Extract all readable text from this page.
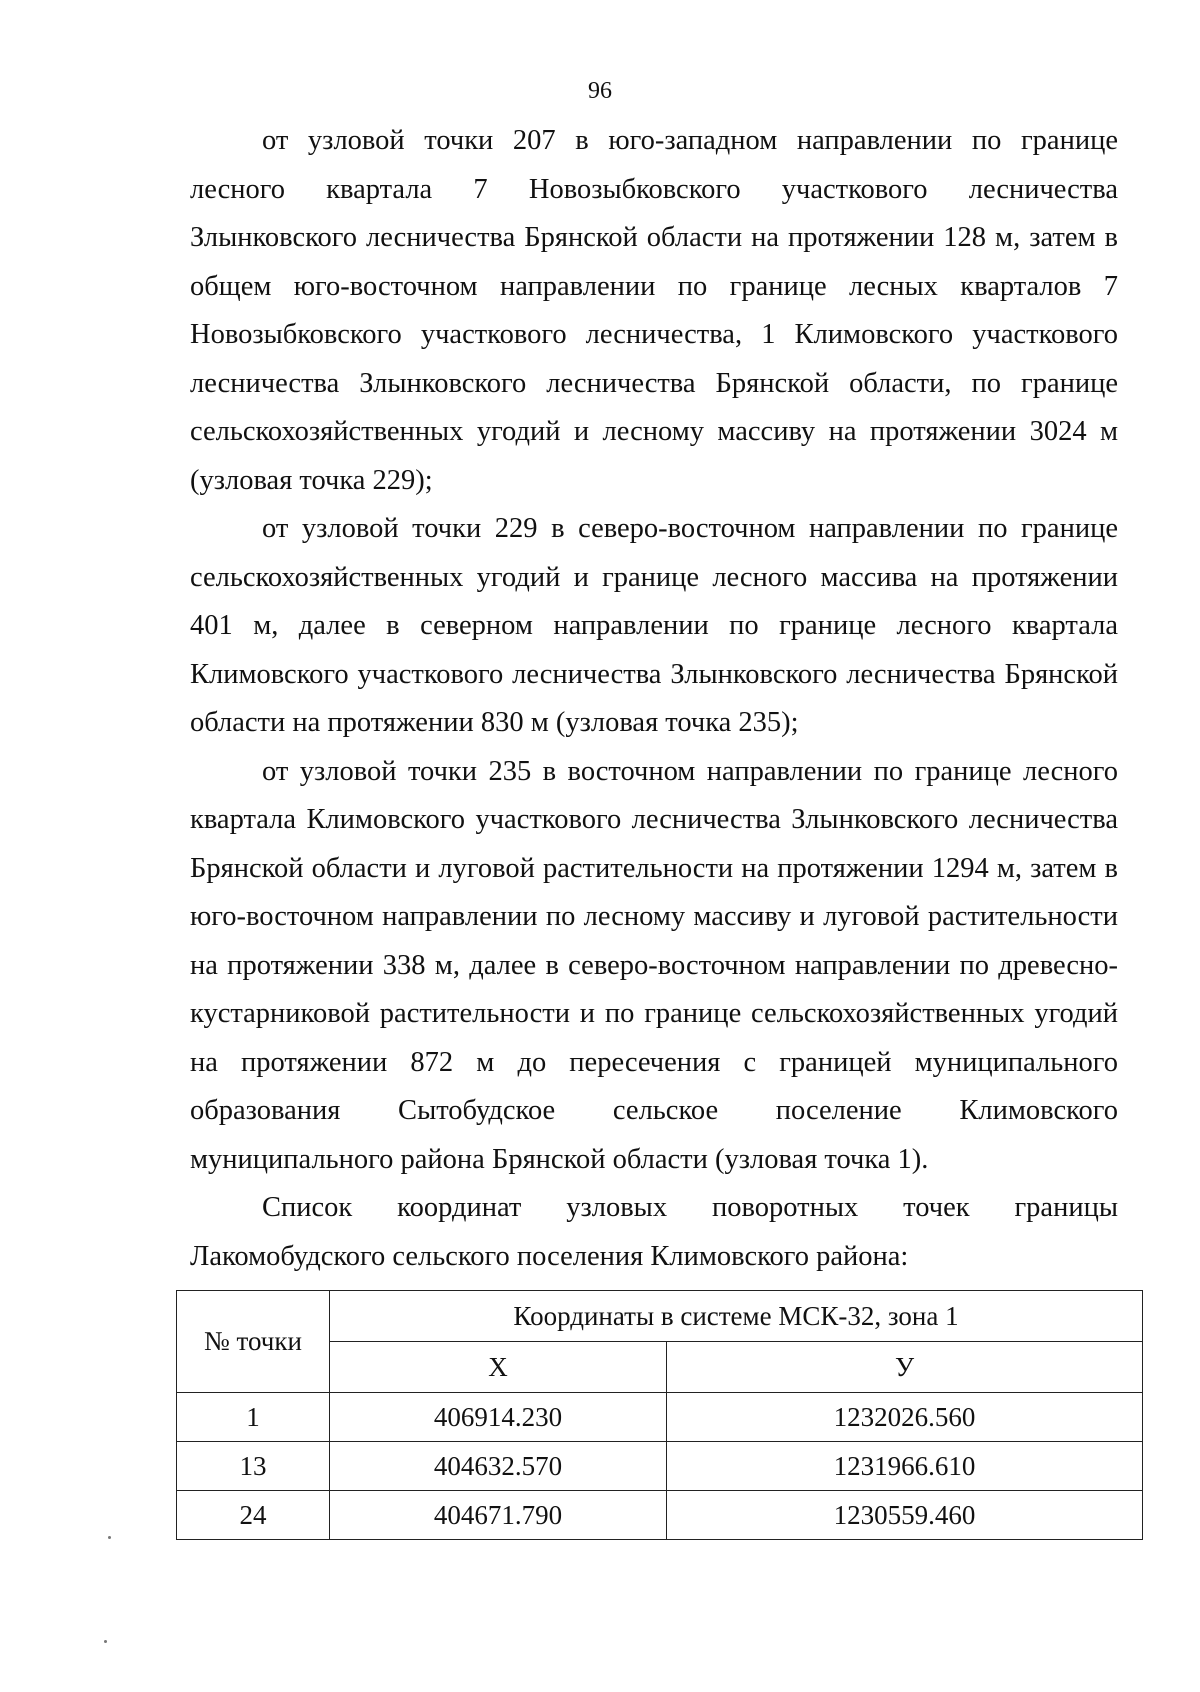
96

от узловой точки 207 в юго-западном направлении по границе лесного квартала 7 Новозыбковского участкового лесничества Злынковского лесничества Брянской области на протяжении 128 м, затем в общем юго-восточном направлении по границе лесных кварталов 7 Новозыбковского участкового лесничества, 1 Климовского участкового лесничества Злынковского лесничества Брянской области, по границе сельскохозяйственных угодий и лесному массиву на протяжении 3024 м (узловая точка 229);

от узловой точки 229 в северо-восточном направлении по границе сельскохозяйственных угодий и границе лесного массива на протяжении 401 м, далее в северном направлении по границе лесного квартала Климовского участкового лесничества Злынковского лесничества Брянской области на протяжении 830 м (узловая точка 235);

от узловой точки 235 в восточном направлении по границе лесного квартала Климовского участкового лесничества Злынковского лесничества Брянской области и луговой растительности на протяжении 1294 м, затем в юго-восточном направлении по лесному массиву и луговой растительности на протяжении 338 м, далее в северо-восточном направлении по древесно-кустарниковой растительности и по границе сельскохозяйственных угодий на протяжении 872 м до пересечения с границей муниципального образования Сытобудское сельское поселение Климовского муниципального района Брянской области (узловая точка 1).

Список координат узловых поворотных точек границы Лакомобудского сельского поселения Климовского района:

№ точки	Координаты в системе МСК-32, зона 1	
	Х	У
1	406914.230	1232026.560
13	404632.570	1231966.610
24	404671.790	1230559.460
